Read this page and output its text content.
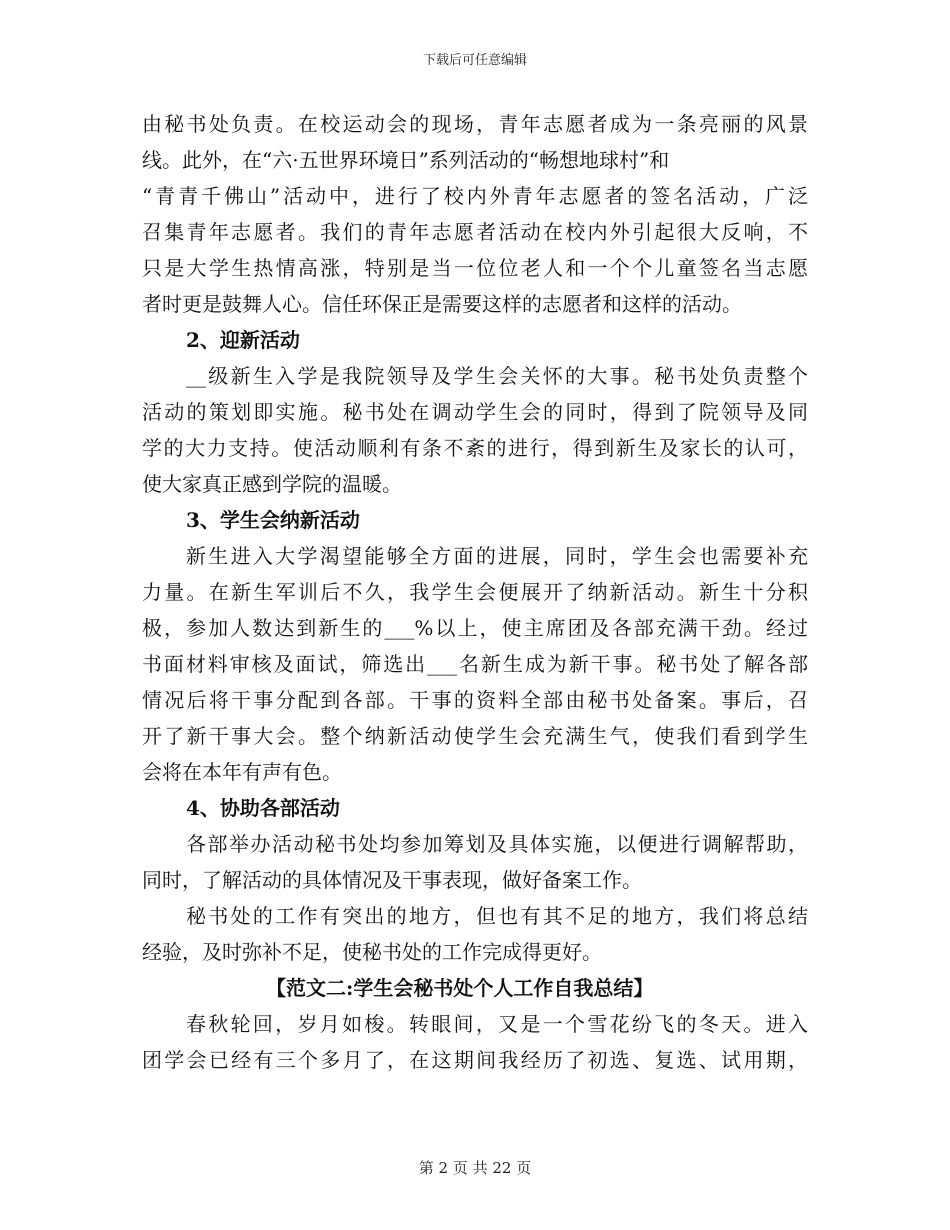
下载后可任意编辑
由秘书处负责。在校运动会的现场，青年志愿者成为一条亮丽的风景
线。此外，在“六·五世界环境日”系列活动的“畅想地球村”和
“青青千佛山”活动中，进行了校内外青年志愿者的签名活动，广泛
召集青年志愿者。我们的青年志愿者活动在校内外引起很大反响，不
只是大学生热情高涨，特别是当一位位老人和一个个儿童签名当志愿
者时更是鼓舞人心。信任环保正是需要这样的志愿者和这样的活动。
2、迎新活动
__级新生入学是我院领导及学生会关怀的大事。秘书处负责整个
活动的策划即实施。秘书处在调动学生会的同时，得到了院领导及同
学的大力支持。使活动顺利有条不紊的进行，得到新生及家长的认可，
使大家真正感到学院的温暖。
3、学生会纳新活动
新生进入大学渴望能够全方面的进展，同时，学生会也需要补充
力量。在新生军训后不久，我学生会便展开了纳新活动。新生十分积
极，参加人数达到新生的___%以上，使主席团及各部充满干劲。经过
书面材料审核及面试，筛选出___名新生成为新干事。秘书处了解各部
情况后将干事分配到各部。干事的资料全部由秘书处备案。事后，召
开了新干事大会。整个纳新活动使学生会充满生气，使我们看到学生
会将在本年有声有色。
4、协助各部活动
各部举办活动秘书处均参加筹划及具体实施，以便进行调解帮助，
同时，了解活动的具体情况及干事表现，做好备案工作。
秘书处的工作有突出的地方，但也有其不足的地方，我们将总结
经验，及时弥补不足，使秘书处的工作完成得更好。
【范文二:学生会秘书处个人工作自我总结】
春秋轮回，岁月如梭。转眼间，又是一个雪花纷飞的冬天。进入
团学会已经有三个多月了，在这期间我经历了初选、复选、试用期，
第 2 页 共 22 页
